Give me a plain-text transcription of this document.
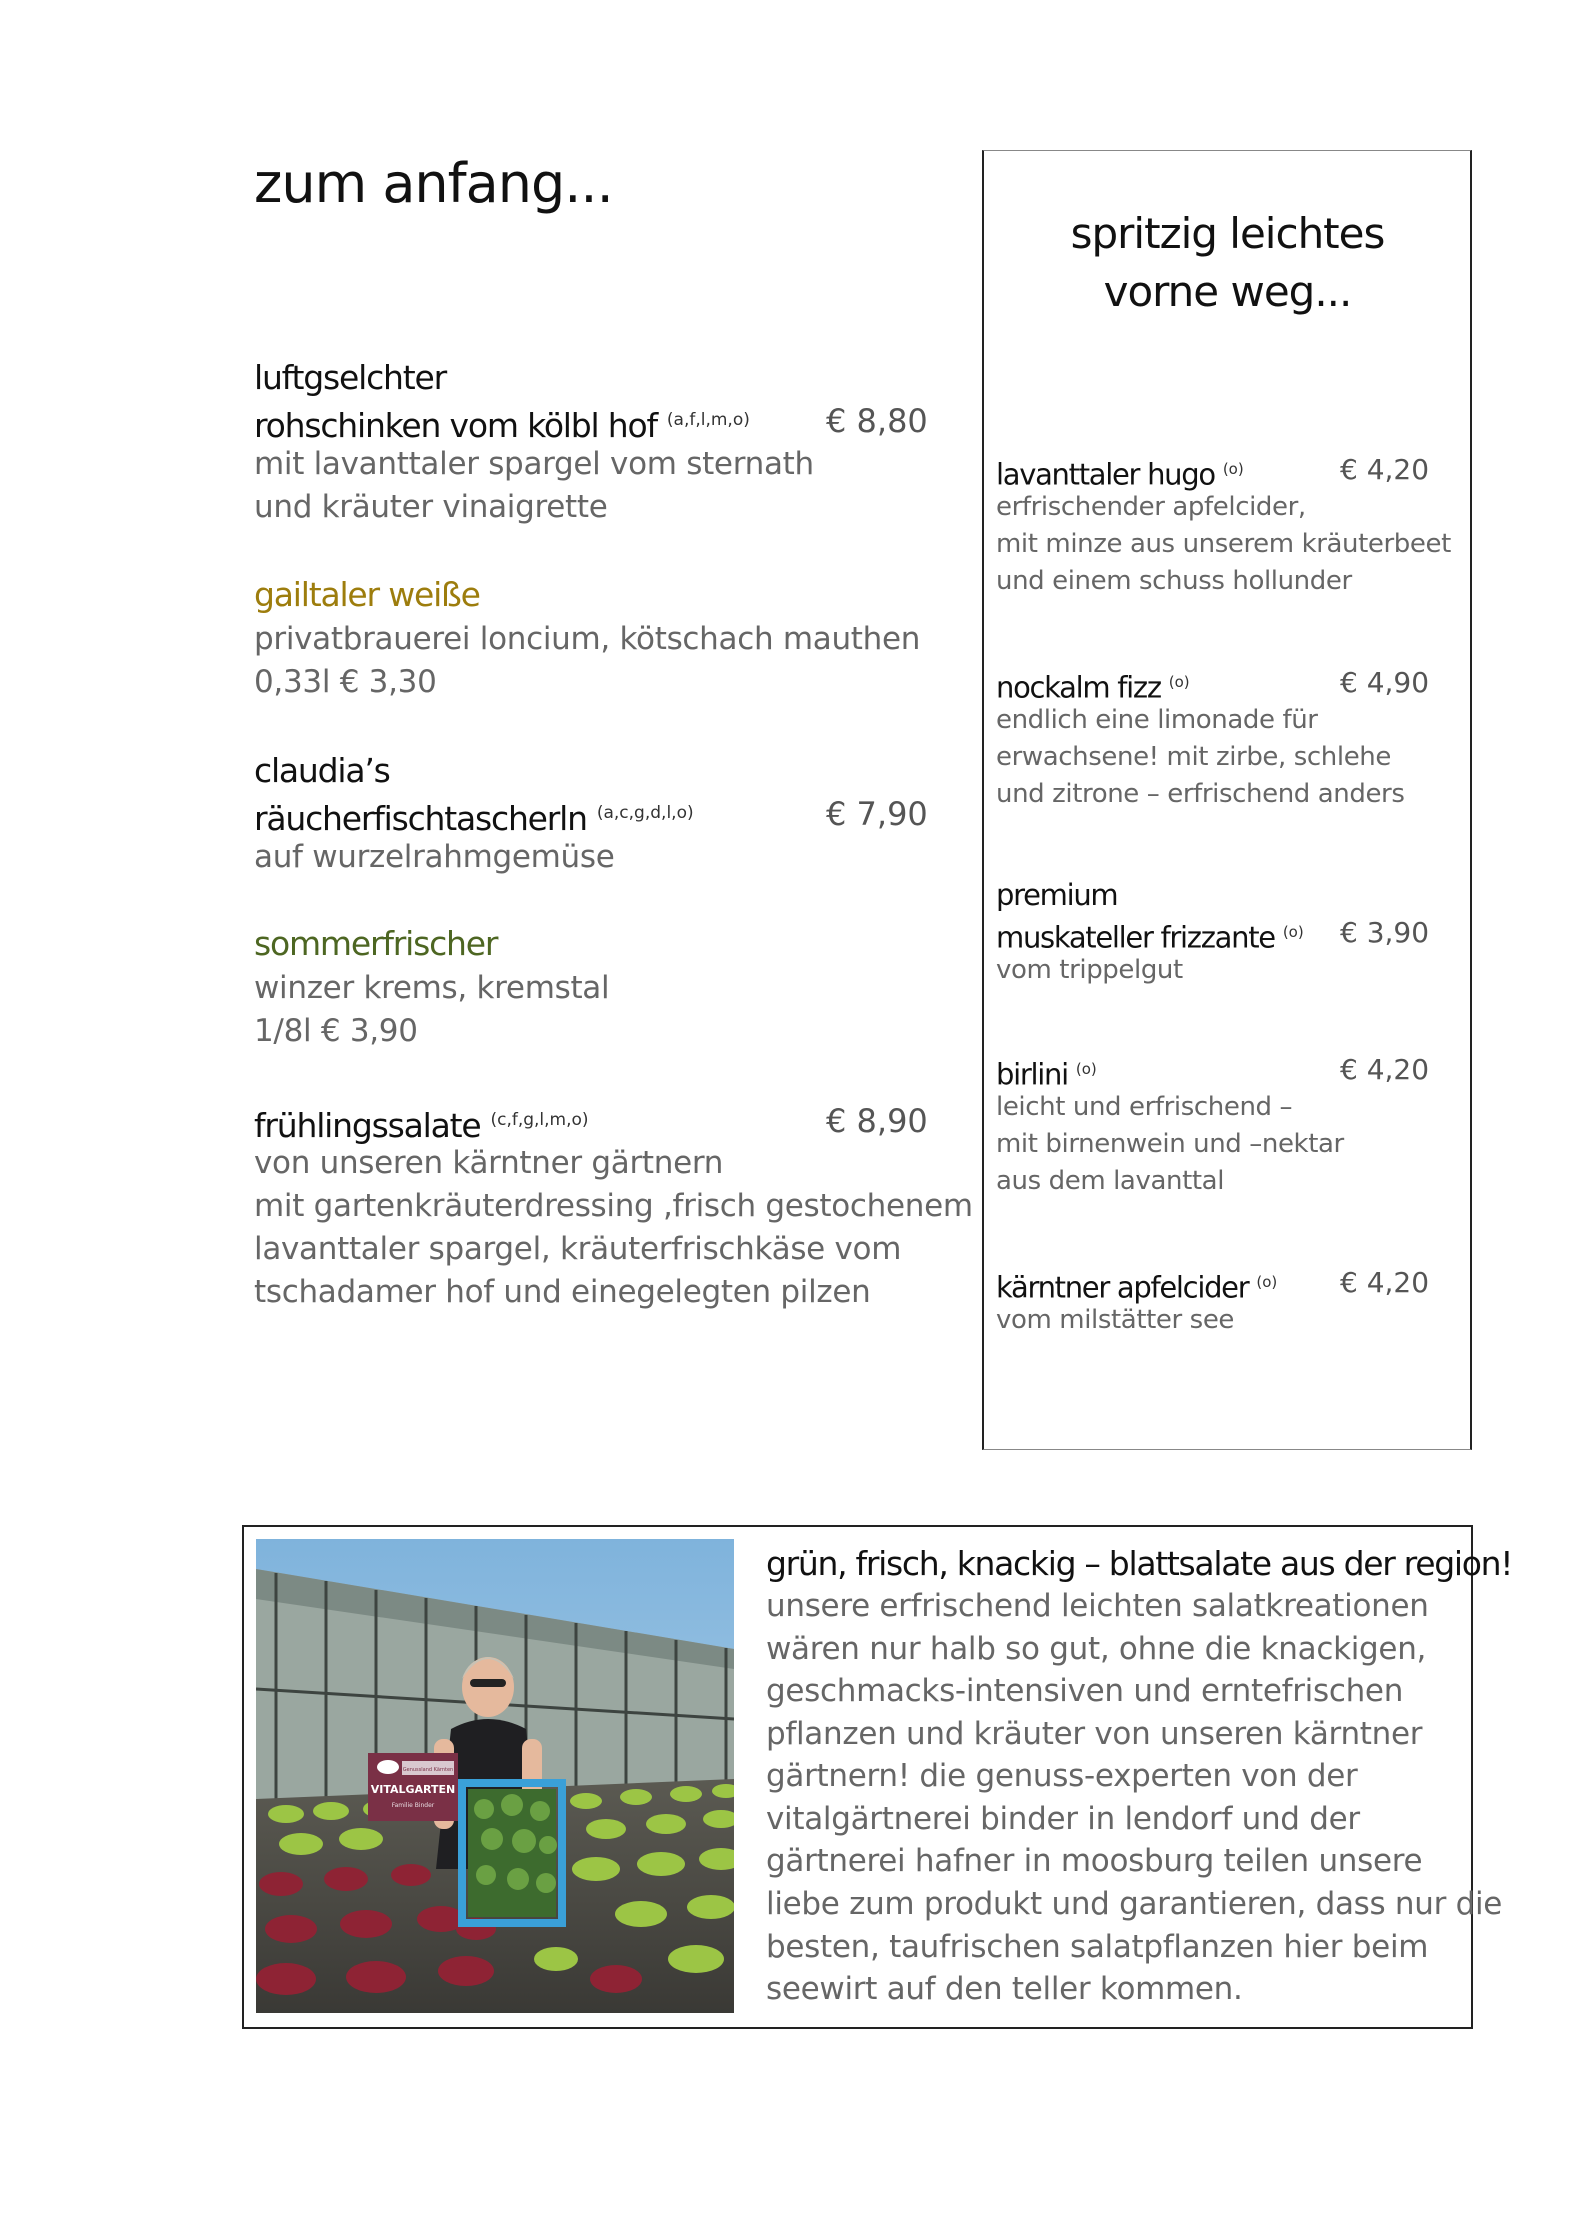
zum anfang...
luftgselchter
rohschinken vom kölbl hof $^{(a,f,l,m,o)}$ € 8,80
mit lavanttaler spargel vom sternath
und kräuter vinaigrette
gailtaler weiße
privatbrauerei loncium, kötschach mauthen
0,33l € 3,30
claudia’s
räucherfischtascherln $^{(a,c,g,d,l,o)}$	€ 7,90
auf wurzelrahmgemüse
sommerfrischer
winzer krems, kremstal
1/8l € 3,90
frühlingssalate $^{(c,f,g,l,m,o)}$	€ 8,90
von unseren kärntner gärtnern
mit gartenkräuterdressing ,frisch gestochenem
lavanttaler spargel, kräuterfrischkäse vom
tschadamer hof und einegelegten pilzen
spritzig leichtes
vorne weg...
lavanttaler hugo $^{(o)}$	€ 4,20
erfrischender apfelcider,
mit minze aus unserem kräuterbeet
und einem schuss hollunder
nockalm fizz $^{(o)}$	€ 4,90
endlich eine limonade für
erwachsene! mit zirbe, schlehe
und zitrone – erfrischend anders
premium
muskateller frizzante $^{(o)}$ € 3,90
vom trippelgut
birlini $^{(o)}$	€ 4,20
leicht und erfrischend –
mit birnenwein und –nektar
aus dem lavanttal
kärntner apfelcider $^{(o)}$ € 4,20
vom milstätter see
Genussland Kärnten
VITALGARTEN
Familie Binder
grün, frisch, knackig – blattsalate aus der region!
unsere erfrischend leichten salatkreationen
wären nur halb so gut, ohne die knackigen,
geschmacks-intensiven und erntefrischen
pflanzen und kräuter von unseren kärntner
gärtnern! die genuss-experten von der
vitalgärtnerei binder in lendorf und der
gärtnerei hafner in moosburg teilen unsere
liebe zum produkt und garantieren, dass nur die
besten, taufrischen salatpflanzen hier beim
seewirt auf den teller kommen.
